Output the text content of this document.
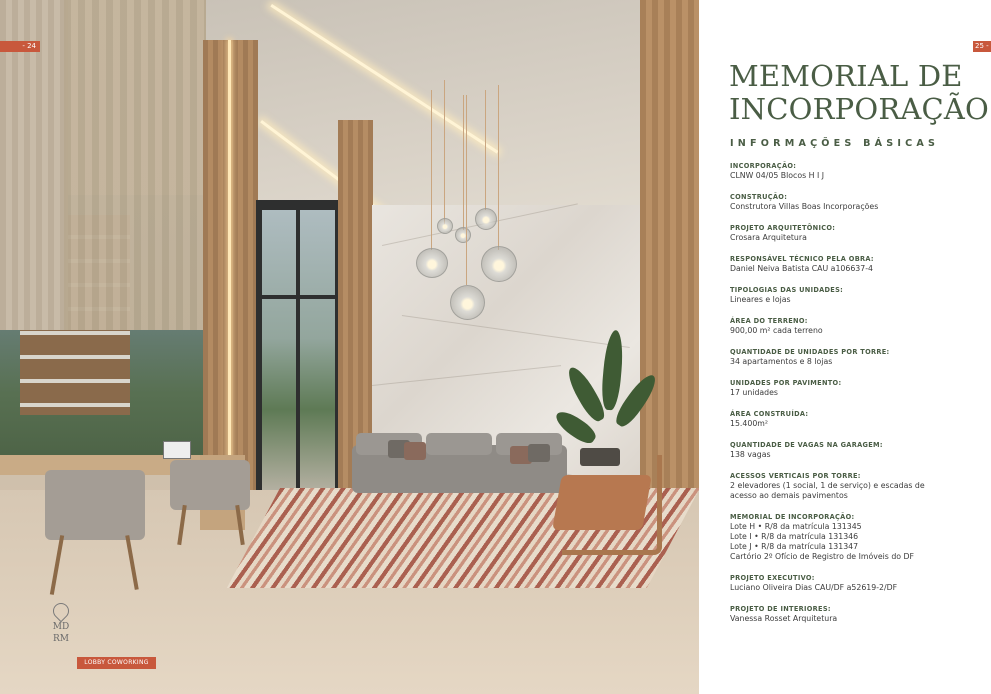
- 24
MD
RM
LOBBY COWORKING
25 -
MEMORIAL DE
INCORPORAÇÃO
INFORMAÇÕES BÁSICAS
INCORPORAÇÃO:
CLNW 04/05 Blocos H I J
CONSTRUÇÃO:
Construtora Villas Boas Incorporações
PROJETO ARQUITETÔNICO:
Crosara Arquitetura
RESPONSÁVEL TÉCNICO PELA OBRA:
Daniel Neiva Batista CAU a106637-4
TIPOLOGIAS DAS UNIDADES:
Lineares e lojas
ÁREA DO TERRENO:
900,00 m² cada terreno
QUANTIDADE DE UNIDADES POR TORRE:
34 apartamentos e 8 lojas
UNIDADES POR PAVIMENTO:
17 unidades
ÁREA CONSTRUÍDA:
15.400m²
QUANTIDADE DE VAGAS NA GARAGEM:
138 vagas
ACESSOS VERTICAIS POR TORRE:
2 elevadores (1 social, 1 de serviço) e escadas de
acesso ao demais pavimentos
MEMORIAL DE INCORPORAÇÃO:
Lote H • R/8 da matrícula 131345
Lote I • R/8 da matrícula 131346
Lote J • R/8 da matrícula 131347
Cartório 2º Ofício de Registro de Imóveis do DF
PROJETO EXECUTIVO:
Luciano Oliveira Dias CAU/DF a52619-2/DF
PROJETO DE INTERIORES:
Vanessa Rosset Arquitetura
